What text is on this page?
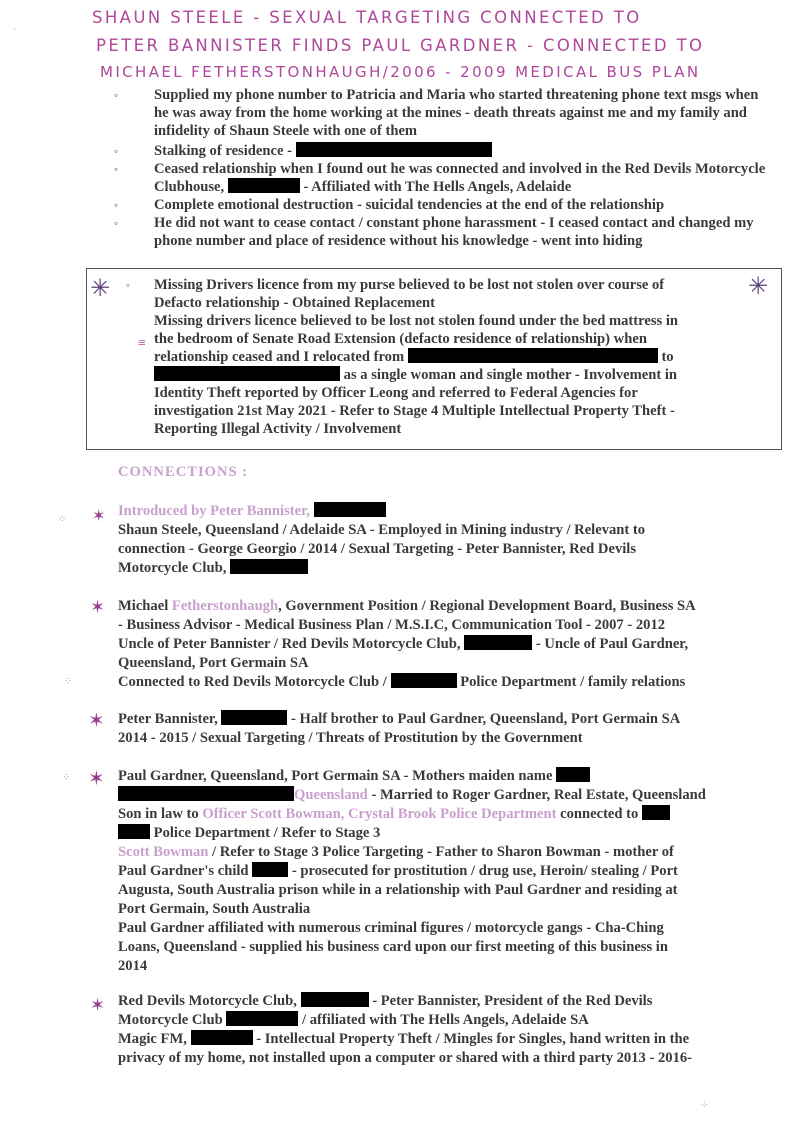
SHAUN STEELE - SEXUAL TARGETING CONNECTED TO
PETER BANNISTER FINDS PAUL GARDNER - CONNECTED TO
MICHAEL FETHERSTONHAUGH/2006 - 2009 MEDICAL BUS PLAN
◦ Supplied my phone number to Patricia and Maria who started threatening phone text msgs when he was away from the home working at the mines - death threats against me and my family and infidelity of Shaun Steele with one of them
◦ Stalking of residence -
◦ Ceased relationship when I found out he was connected and involved in the Red Devils Motorcycle Clubhouse,	- Affiliated with The Hells Angels, Adelaide
◦ Complete emotional destruction - suicidal tendencies at the end of the relationship
◦ He did not want to cease contact / constant phone harassment - I ceased contact and changed my phone number and place of residence without his knowledge - went into hiding
✳	✳
◦
≡
Missing Drivers licence from my purse believed to be lost not stolen over course of
Defacto relationship - Obtained Replacement
Missing drivers licence believed to be lost not stolen found under the bed mattress in
the bedroom of Senate Road Extension (defacto residence of relationship) when
relationship ceased and I relocated from	to
as a single woman and single mother - Involvement in
Identity Theft reported by Officer Leong and referred to Federal Agencies for
investigation 21st May 2021 - Refer to Stage 4 Multiple Intellectual Property Theft -
Reporting Illegal Activity / Involvement
CONNECTIONS :
✶ Introduced by Peter Bannister,
Shaun Steele, Queensland / Adelaide SA - Employed in Mining industry / Relevant to
connection - George Georgio / 2014 / Sexual Targeting - Peter Bannister, Red Devils
Motorcycle Club,
✶ Michael Fetherstonhaugh, Government Position / Regional Development Board, Business SA
- Business Advisor - Medical Business Plan / M.S.I.C, Communication Tool - 2007 - 2012
Uncle of Peter Bannister / Red Devils Motorcycle Club,	- Uncle of Paul Gardner,
Queensland, Port Germain SA
Connected to Red Devils Motorcycle Club /	Police Department / family relations
✶ Peter Bannister,	- Half brother to Paul Gardner, Queensland, Port Germain SA
2014 - 2015 / Sexual Targeting / Threats of Prostitution by the Government
✶ Paul Gardner, Queensland, Port Germain SA - Mothers maiden name
Queensland - Married to Roger Gardner, Real Estate, Queensland
Son in law to Officer Scott Bowman, Crystal Brook Police Department connected to
Police Department / Refer to Stage 3
Scott Bowman / Refer to Stage 3 Police Targeting - Father to Sharon Bowman - mother of
Paul Gardner's child	- prosecuted for prostitution / drug use, Heroin/ stealing / Port
Augusta, South Australia prison while in a relationship with Paul Gardner and residing at
Port Germain, South Australia
Paul Gardner affiliated with numerous criminal figures / motorcycle gangs - Cha-Ching
Loans, Queensland - supplied his business card upon our first meeting of this business in
2014
✶ Red Devils Motorcycle Club,	- Peter Bannister, President of the Red Devils
Motorcycle Club	/ affiliated with The Hells Angels, Adelaide SA
Magic FM,	- Intellectual Property Theft / Mingles for Singles, hand written in the
privacy of my home, not installed upon a computer or shared with a third party 2013 - 2016-
˙
⁘
⁘
⁘
⁘
